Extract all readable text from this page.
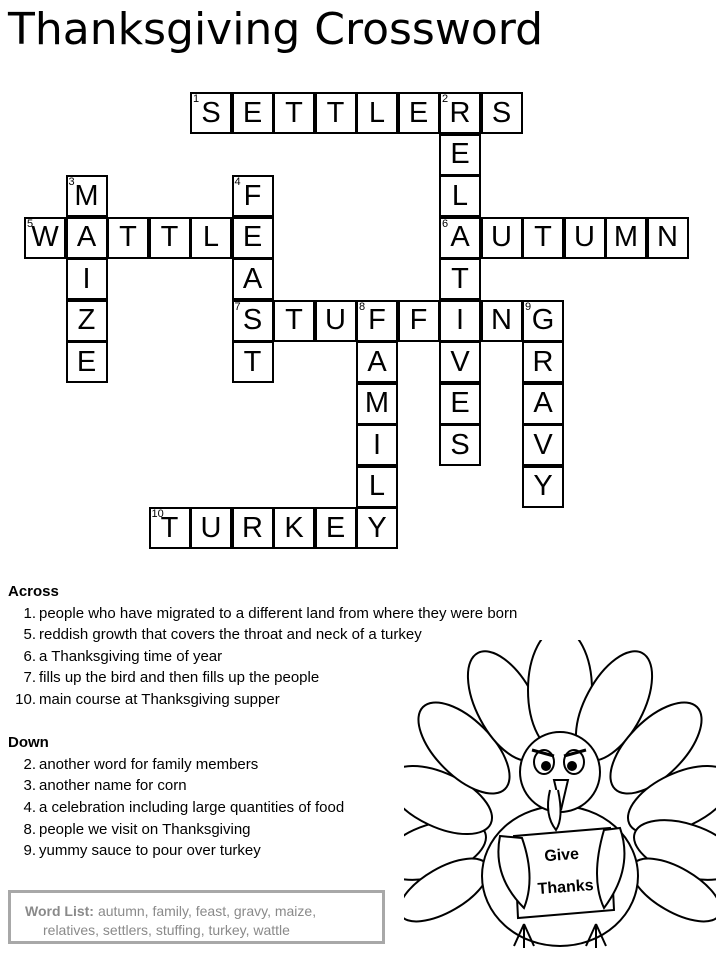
Thanksgiving Crossword
S
1 E T T L E R
2 S
E
M
3	F
4	L
W
5 A T T L E	A
6 U T U M N
I	A	T
Z	S
7 T U F
8 F I N G
9
E	T	A V R
M E A
I S V
L	Y
T
10 U R K E Y
Across
1. people who have migrated to a different land from where they were born
5. reddish growth that covers the throat and neck of a turkey
6. a Thanksgiving time of year
7. fills up the bird and then fills up the people
10. main course at Thanksgiving supper
Down
2. another word for family members
3. another name for corn
4. a celebration including large quantities of food
8. people we visit on Thanksgiving
9. yummy sauce to pour over turkey
Word List: autumn, family, feast, gravy, maize,
relatives, settlers, stuffing, turkey, wattle
Give
Thanks
